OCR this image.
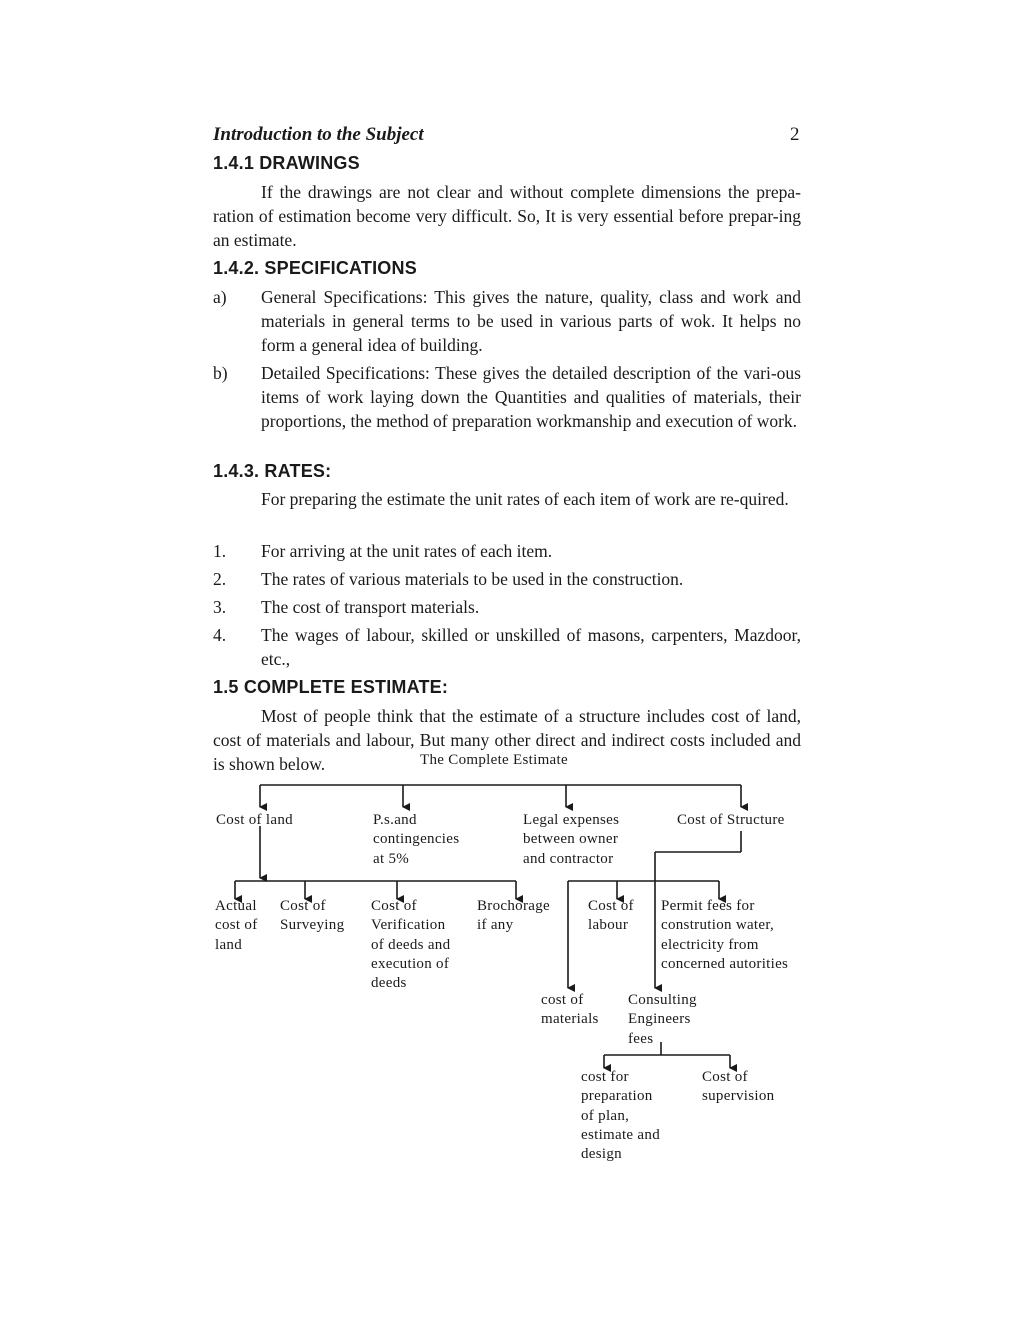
Introduction to the Subject	2
1.4.1 DRAWINGS
If the drawings are not clear and without complete dimensions the prepa-ration of estimation become very difficult. So, It is very essential before prepar-ing an estimate.
1.4.2. SPECIFICATIONS
a)	General Specifications: This gives the nature, quality, class and work and materials in general terms to be used in various parts of wok. It helps no form a general idea of building.
b)	Detailed Specifications: These gives the detailed description of the vari-ous items of work laying down the Quantities and qualities of materials, their proportions, the method of preparation workmanship and execution of work.
1.4.3. RATES:
For preparing the estimate the unit rates of each item of work are re-quired.
1.	For arriving at the unit rates of each item.
2.	The rates of various materials to be used in the construction.
3.	The cost of transport materials.
4.	The wages of labour, skilled or unskilled of masons, carpenters, Mazdoor, etc.,
1.5 COMPLETE ESTIMATE:
Most of people think that the estimate of a structure includes cost of land, cost of materials and labour, But many other direct and indirect costs included and is shown below.	The Complete Estimate
Cost of land	P.s.and
contingencies
at 5%
Legal expenses
between owner
and contractor
Cost of Structure
Actual
cost of
land
Cost of
Surveying
Cost of
Verification
of deeds and
execution of
deeds
Brochorage
if any
Cost of
labour
Permit fees for
constrution water,
electricity from
concerned autorities
cost of
materials
Consulting
Engineers
fees
cost for
preparation
of plan,
estimate and
design
Cost of
supervision
